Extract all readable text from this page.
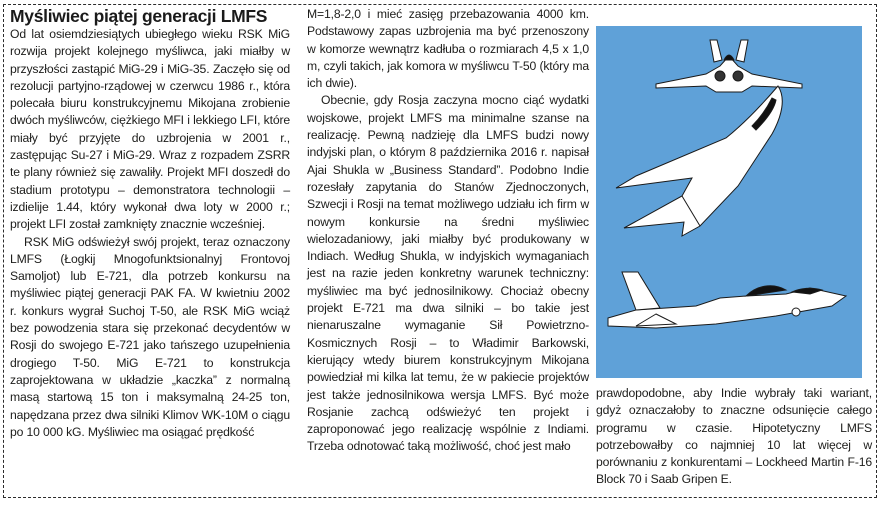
Myśliwiec piątej generacji LMFS

Od lat osiemdziesiątych ubiegłego wieku RSK MiG rozwija projekt kolejnego myśliwca, jaki miałby w przyszłości zastąpić MiG-29 i MiG-35. Zaczęło się od rezolucji partyjno-rządowej w czerwcu 1986 r., która polecała biuru konstrukcyjnemu Mikojana zrobienie dwóch myśliwców, ciężkiego MFI i lekkiego LFI, które miały być przyjęte do uzbrojenia w 2001 r., zastępując Su-27 i MiG-29. Wraz z rozpadem ZSRR te plany również się zawaliły. Projekt MFI doszedł do stadium prototypu – demonstratora technologii – izdielije 1.44, który wykonał dwa loty w 2000 r.; projekt LFI został zamknięty znacznie wcześniej.

RSK MiG odświeżył swój projekt, teraz oznaczony LMFS (Łogkij Mnogofunktsionalnyj Frontovoj Samoljot) lub E-721, dla potrzeb konkursu na myśliwiec piątej generacji PAK FA. W kwietniu 2002 r. konkurs wygrał Suchoj T-50, ale RSK MiG wciąż bez powodzenia stara się przekonać decydentów w Rosji do swojego E-721 jako tańszego uzupełnienia drogiego T-50. MiG E-721 to konstrukcja zaprojektowana w układzie „kaczka” z normalną masą startową 15 ton i maksymalną 24-25 ton, napędzana przez dwa silniki Klimov WK-10M o ciągu po 10 000 kG. Myśliwiec ma osiągać prędkość

M=1,8-2,0 i mieć zasięg przebazowania 4000 km. Podstawowy zapas uzbrojenia ma być przenoszony w komorze wewnątrz kadłuba o rozmiarach 4,5 x 1,0 m, czyli takich, jak komora w myśliwcu T-50 (który ma ich dwie).

Obecnie, gdy Rosja zaczyna mocno ciąć wydatki wojskowe, projekt LMFS ma minimalne szanse na realizację. Pewną nadzieję dla LMFS budzi nowy indyjski plan, o którym 8 października 2016 r. napisał Ajai Shukla w „Business Standard”. Podobno Indie rozesłały zapytania do Stanów Zjednoczonych, Szwecji i Rosji na temat możliwego udziału ich firm w nowym konkursie na średni myśliwiec wielozadaniowy, jaki miałby być produkowany w Indiach. Według Shukla, w indyjskich wymaganiach jest na razie jeden konkretny warunek techniczny: myśliwiec ma być jednosilnikowy. Chociaż obecny projekt E-721 ma dwa silniki – bo takie jest nienaruszalne wymaganie Sił Powietrzno-Kosmicznych Rosji – to Władimir Barkowski, kierujący wtedy biurem konstrukcyjnym Mikojana powiedział mi kilka lat temu, że w pakiecie projektów jest także jednosilnikowa wersja LMFS. Być może Rosjanie zachcą odświeżyć ten projekt i zaproponować jego realizację wspólnie z Indiami. Trzeba odnotować taką możliwość, choć jest mało

prawdopodobne, aby Indie wybrały taki wariant, gdyż oznaczałoby to znaczne odsunięcie całego programu w czasie. Hipotetyczny LMFS potrzebowałby co najmniej 10 lat więcej w porównaniu z konkurentami – Lockheed Martin F-16 Block 70 i Saab Gripen E.
